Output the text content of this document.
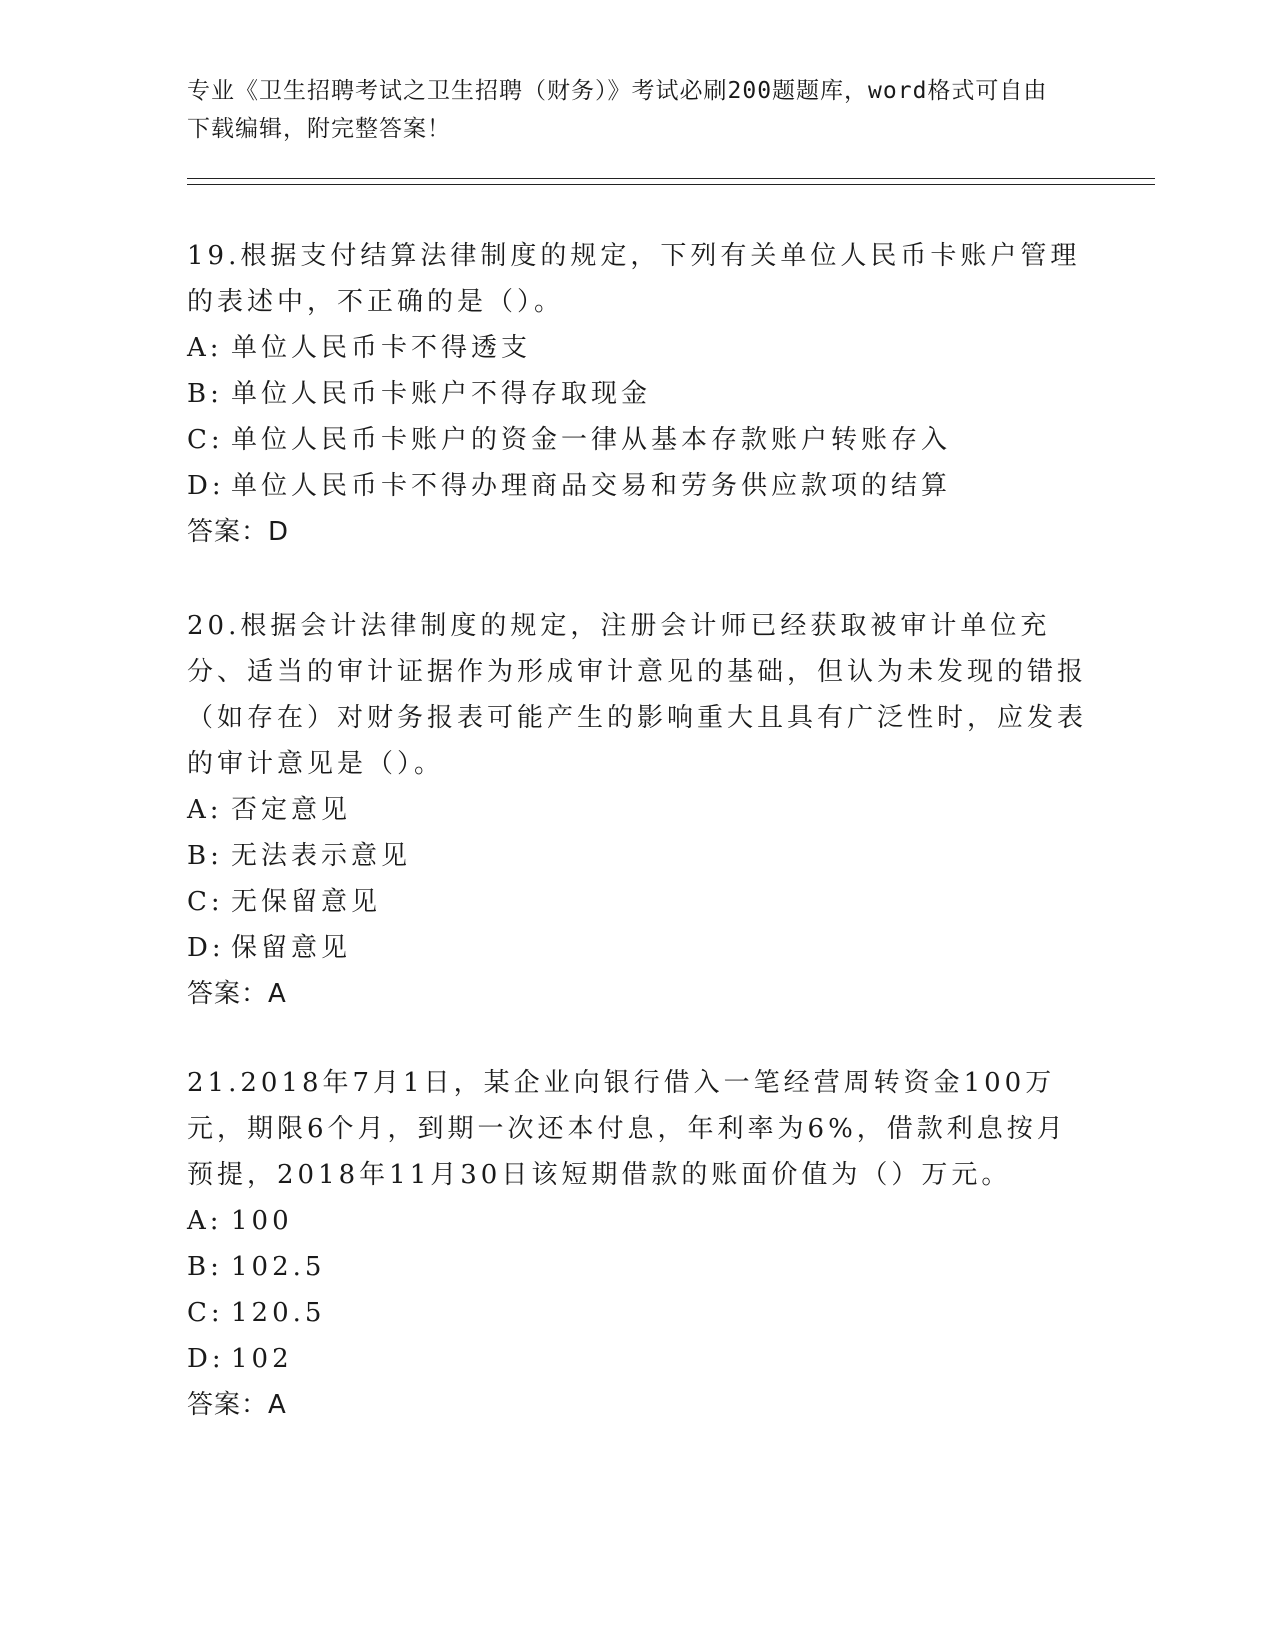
专业《卫生招聘考试之卫生招聘（财务）》考试必刷200题题库，word格式可自由下载编辑，附完整答案！

19.根据支付结算法律制度的规定，下列有关单位人民币卡账户管理的表述中，不正确的是（）。

A: 单位人民币卡不得透支
B: 单位人民币卡账户不得存取现金
C: 单位人民币卡账户的资金一律从基本存款账户转账存入
D: 单位人民币卡不得办理商品交易和劳务供应款项的结算
答案：D

20.根据会计法律制度的规定，注册会计师已经获取被审计单位充分、适当的审计证据作为形成审计意见的基础，但认为未发现的错报（如存在）对财务报表可能产生的影响重大且具有广泛性时，应发表的审计意见是（）。

A: 否定意见
B: 无法表示意见
C: 无保留意见
D: 保留意见
答案：A

21.2018年7月1日，某企业向银行借入一笔经营周转资金100万元，期限6个月，到期一次还本付息，年利率为6%，借款利息按月预提，2018年11月30日该短期借款的账面价值为（）万元。

A: 100
B: 102.5
C: 120.5
D: 102
答案：A
